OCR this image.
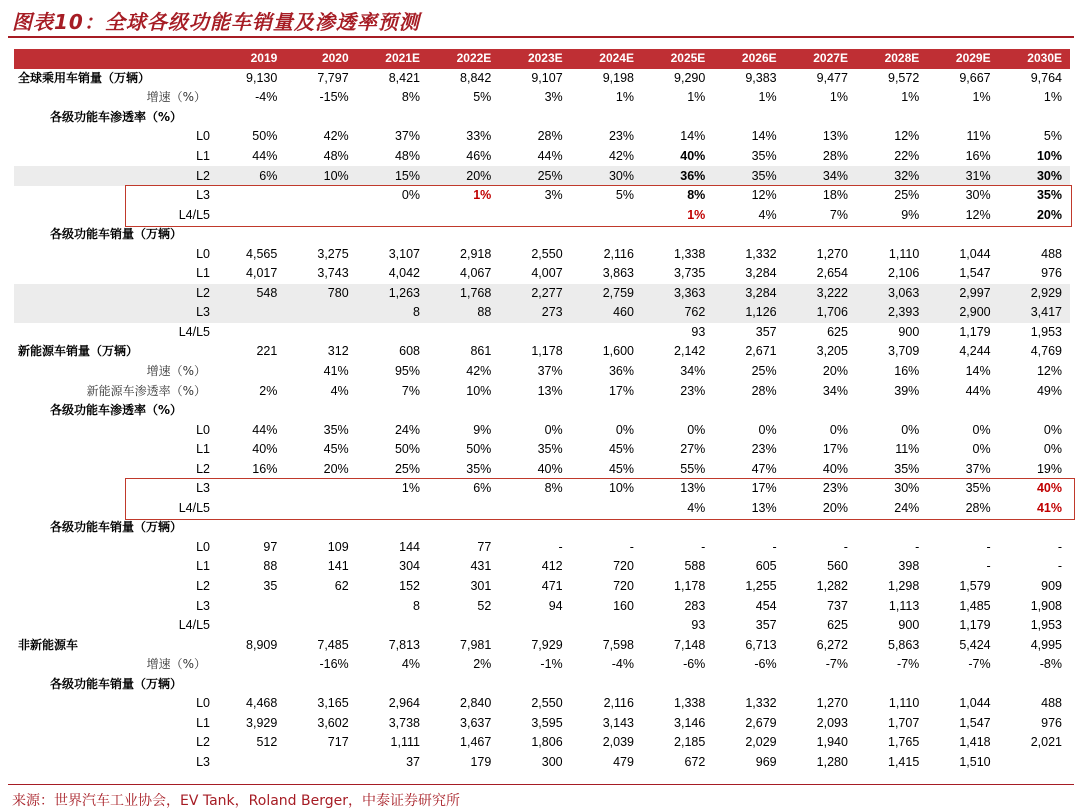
图表10：全球各级功能车销量及渗透率预测
	2019	2020	2021E	2022E	2023E	2024E	2025E	2026E	2027E	2028E	2029E	2030E
全球乘用车销量（万辆）	9,130	7,797	8,421	8,842	9,107	9,198	9,290	9,383	9,477	9,572	9,667	9,764
增速（%）	-4%	-15%	8%	5%	3%	1%	1%	1%	1%	1%	1%	1%
各级功能车渗透率（%）												
L0	50%	42%	37%	33%	28%	23%	14%	14%	13%	12%	11%	5%
L1	44%	48%	48%	46%	44%	42%	40%	35%	28%	22%	16%	10%
L2	6%	10%	15%	20%	25%	30%	36%	35%	34%	32%	31%	30%
L3			0%	1%	3%	5%	8%	12%	18%	25%	30%	35%
L4/L5							1%	4%	7%	9%	12%	20%
各级功能车销量（万辆）												
L0	4,565	3,275	3,107	2,918	2,550	2,116	1,338	1,332	1,270	1,110	1,044	488
L1	4,017	3,743	4,042	4,067	4,007	3,863	3,735	3,284	2,654	2,106	1,547	976
L2	548	780	1,263	1,768	2,277	2,759	3,363	3,284	3,222	3,063	2,997	2,929
L3			8	88	273	460	762	1,126	1,706	2,393	2,900	3,417
L4/L5							93	357	625	900	1,179	1,953
新能源车销量（万辆）	221	312	608	861	1,178	1,600	2,142	2,671	3,205	3,709	4,244	4,769
增速（%）		41%	95%	42%	37%	36%	34%	25%	20%	16%	14%	12%
新能源车渗透率（%）	2%	4%	7%	10%	13%	17%	23%	28%	34%	39%	44%	49%
各级功能车渗透率（%）												
L0	44%	35%	24%	9%	0%	0%	0%	0%	0%	0%	0%	0%
L1	40%	45%	50%	50%	35%	45%	27%	23%	17%	11%	0%	0%
L2	16%	20%	25%	35%	40%	45%	55%	47%	40%	35%	37%	19%
L3			1%	6%	8%	10%	13%	17%	23%	30%	35%	40%
L4/L5							4%	13%	20%	24%	28%	41%
各级功能车销量（万辆）												
L0	97	109	144	77	-	-	-	-	-	-	-	-
L1	88	141	304	431	412	720	588	605	560	398	-	-
L2	35	62	152	301	471	720	1,178	1,255	1,282	1,298	1,579	909
L3			8	52	94	160	283	454	737	1,113	1,485	1,908
L4/L5							93	357	625	900	1,179	1,953
非新能源车	8,909	7,485	7,813	7,981	7,929	7,598	7,148	6,713	6,272	5,863	5,424	4,995
增速（%）		-16%	4%	2%	-1%	-4%	-6%	-6%	-7%	-7%	-7%	-8%
各级功能车销量（万辆）												
L0	4,468	3,165	2,964	2,840	2,550	2,116	1,338	1,332	1,270	1,110	1,044	488
L1	3,929	3,602	3,738	3,637	3,595	3,143	3,146	2,679	2,093	1,707	1,547	976
L2	512	717	1,111	1,467	1,806	2,039	2,185	2,029	1,940	1,765	1,418	2,021
L3			37	179	300	479	672	969	1,280	1,415	1,510	
来源：世界汽车工业协会，EV Tank，Roland Berger，中泰证券研究所
